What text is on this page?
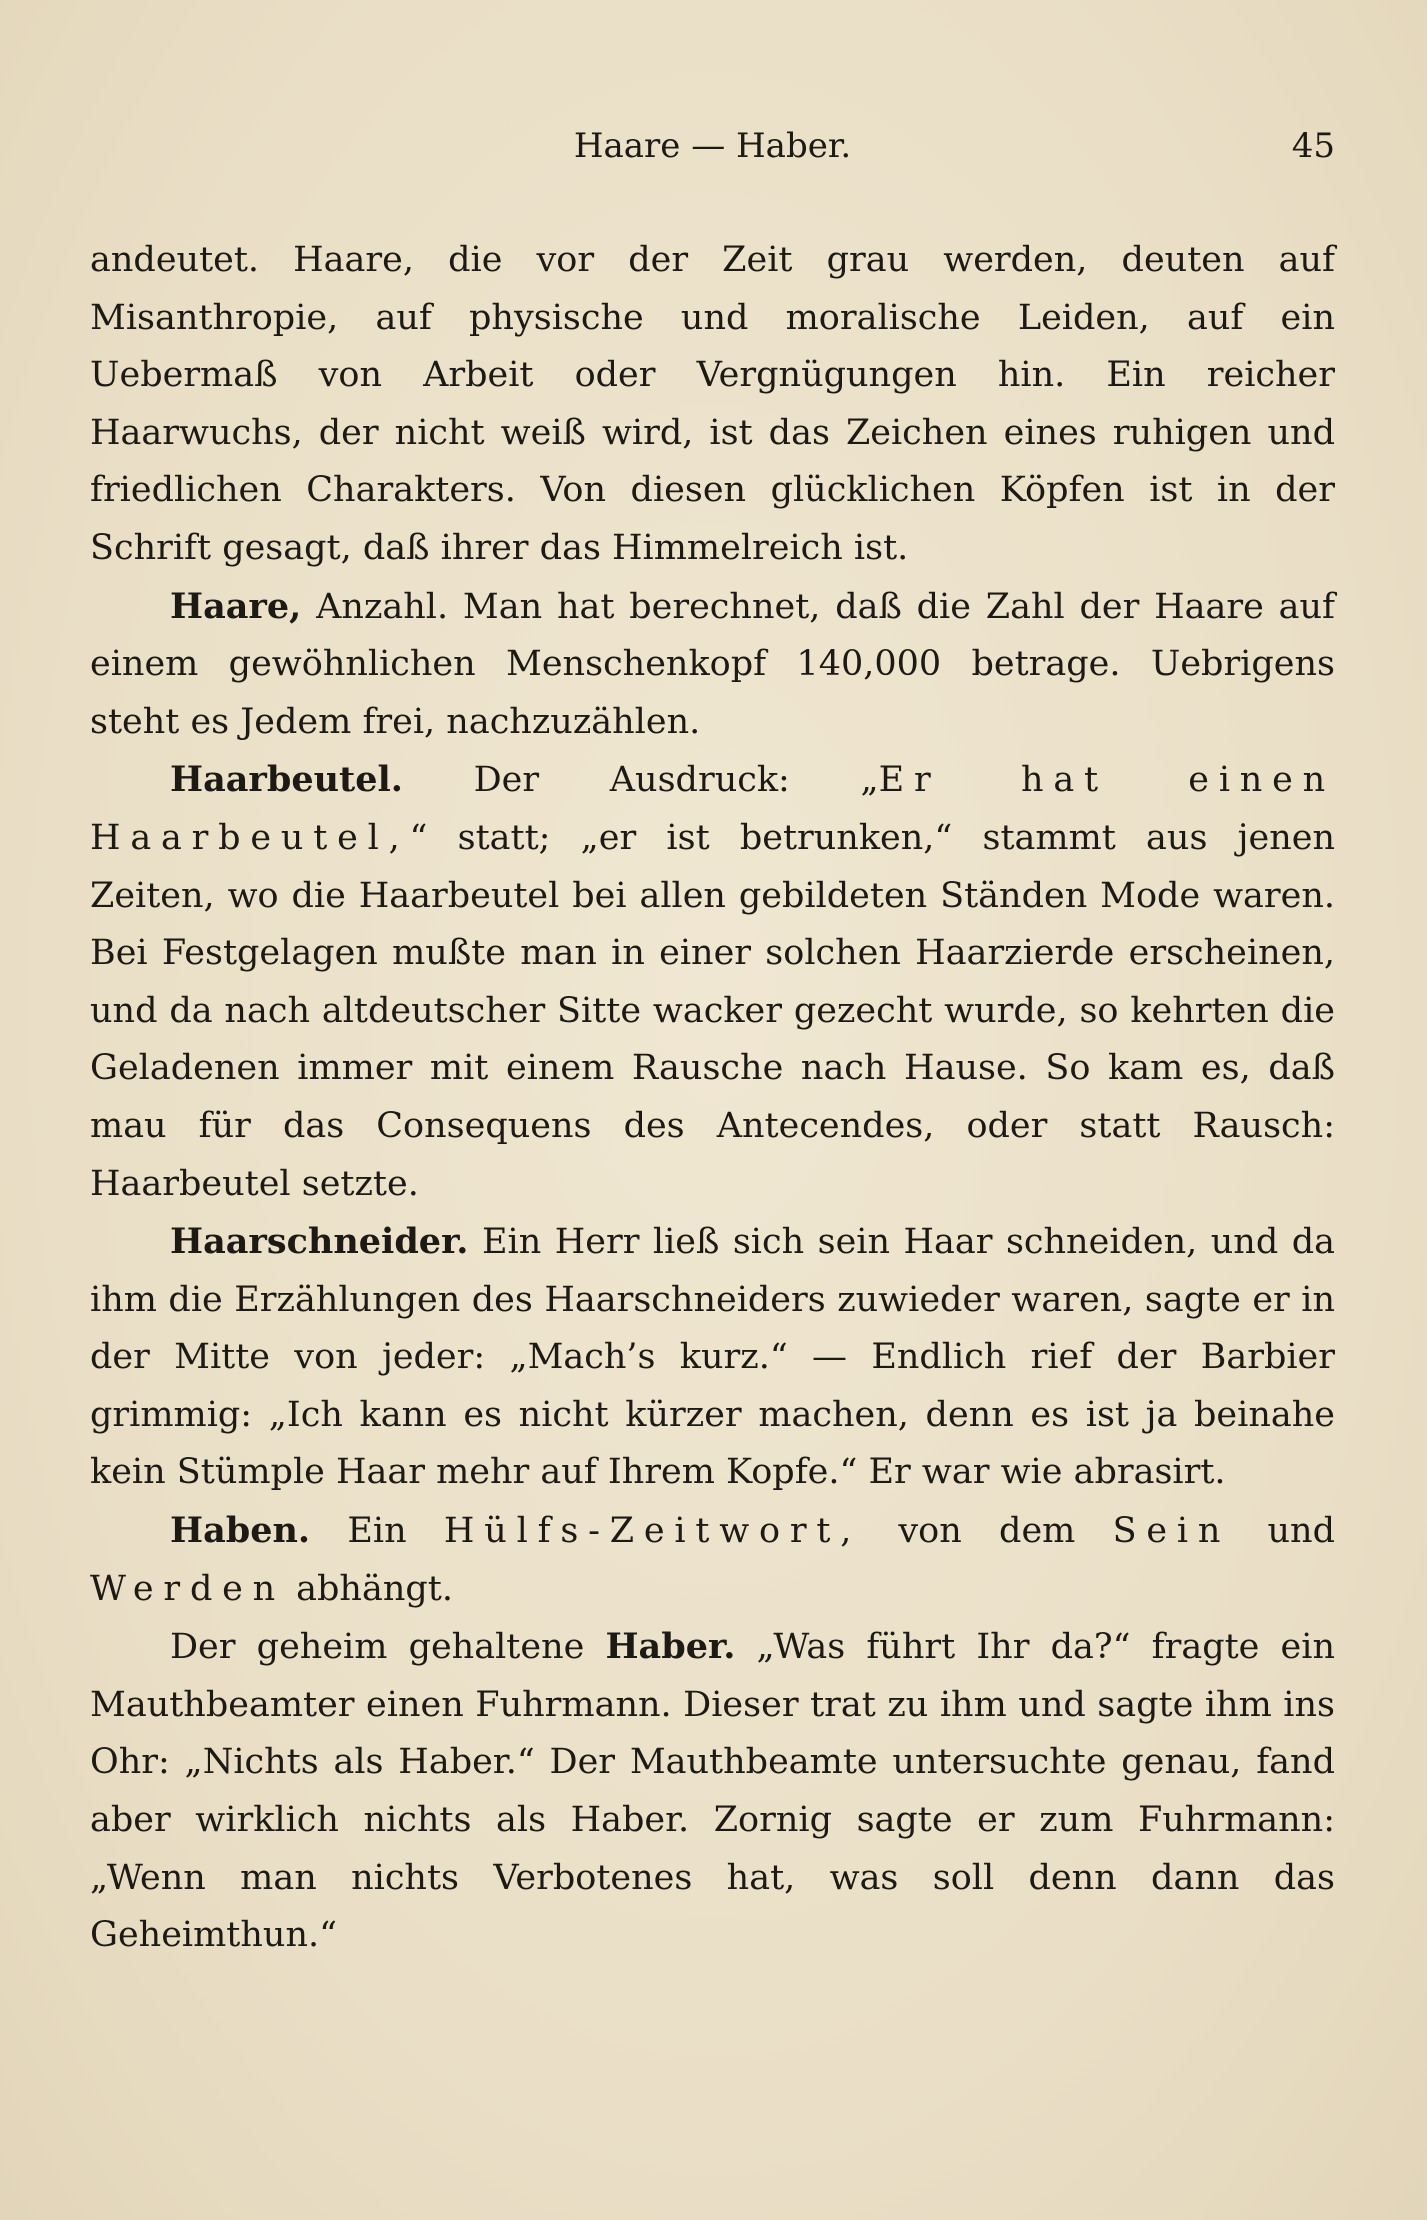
Haare — Haber.	45

andeutet. Haare, die vor der Zeit grau werden, deuten auf Misanthropie, auf physische und moralische Leiden, auf ein Uebermaß von Arbeit oder Vergnügungen hin. Ein reicher Haarwuchs, der nicht weiß wird, ist das Zeichen eines ruhigen und friedlichen Charakters. Von diesen glücklichen Köpfen ist in der Schrift gesagt, daß ihrer das Himmelreich ist.

Haare, Anzahl. Man hat berechnet, daß die Zahl der Haare auf einem gewöhnlichen Menschenkopf 140,000 betrage. Uebrigens steht es Jedem frei, nachzuzählen.

Haarbeutel. Der Ausdruck: „Er hat einen Haarbeutel,“ statt; „er ist betrunken,“ stammt aus jenen Zeiten, wo die Haarbeutel bei allen gebildeten Ständen Mode waren. Bei Festgelagen mußte man in einer solchen Haarzierde erscheinen, und da nach altdeutscher Sitte wacker gezecht wurde, so kehrten die Geladenen immer mit einem Rausche nach Hause. So kam es, daß mau für das Consequens des Antecendes, oder statt Rausch: Haarbeutel setzte.

Haarschneider. Ein Herr ließ sich sein Haar schneiden, und da ihm die Erzählungen des Haarschneiders zuwieder waren, sagte er in der Mitte von jeder: „Mach’s kurz.“ — Endlich rief der Barbier grimmig: „Ich kann es nicht kürzer machen, denn es ist ja beinahe kein Stümple Haar mehr auf Ihrem Kopfe.“ Er war wie abrasirt.

Haben. Ein Hülfs-Zeitwort, von dem Sein und Werden abhängt.

Der geheim gehaltene Haber. „Was führt Ihr da?“ fragte ein Mauthbeamter einen Fuhrmann. Dieser trat zu ihm und sagte ihm ins Ohr: „Nichts als Haber.“ Der Mauthbeamte untersuchte genau, fand aber wirklich nichts als Haber. Zornig sagte er zum Fuhrmann: „Wenn man nichts Verbotenes hat, was soll denn dann das Geheimthun.“
